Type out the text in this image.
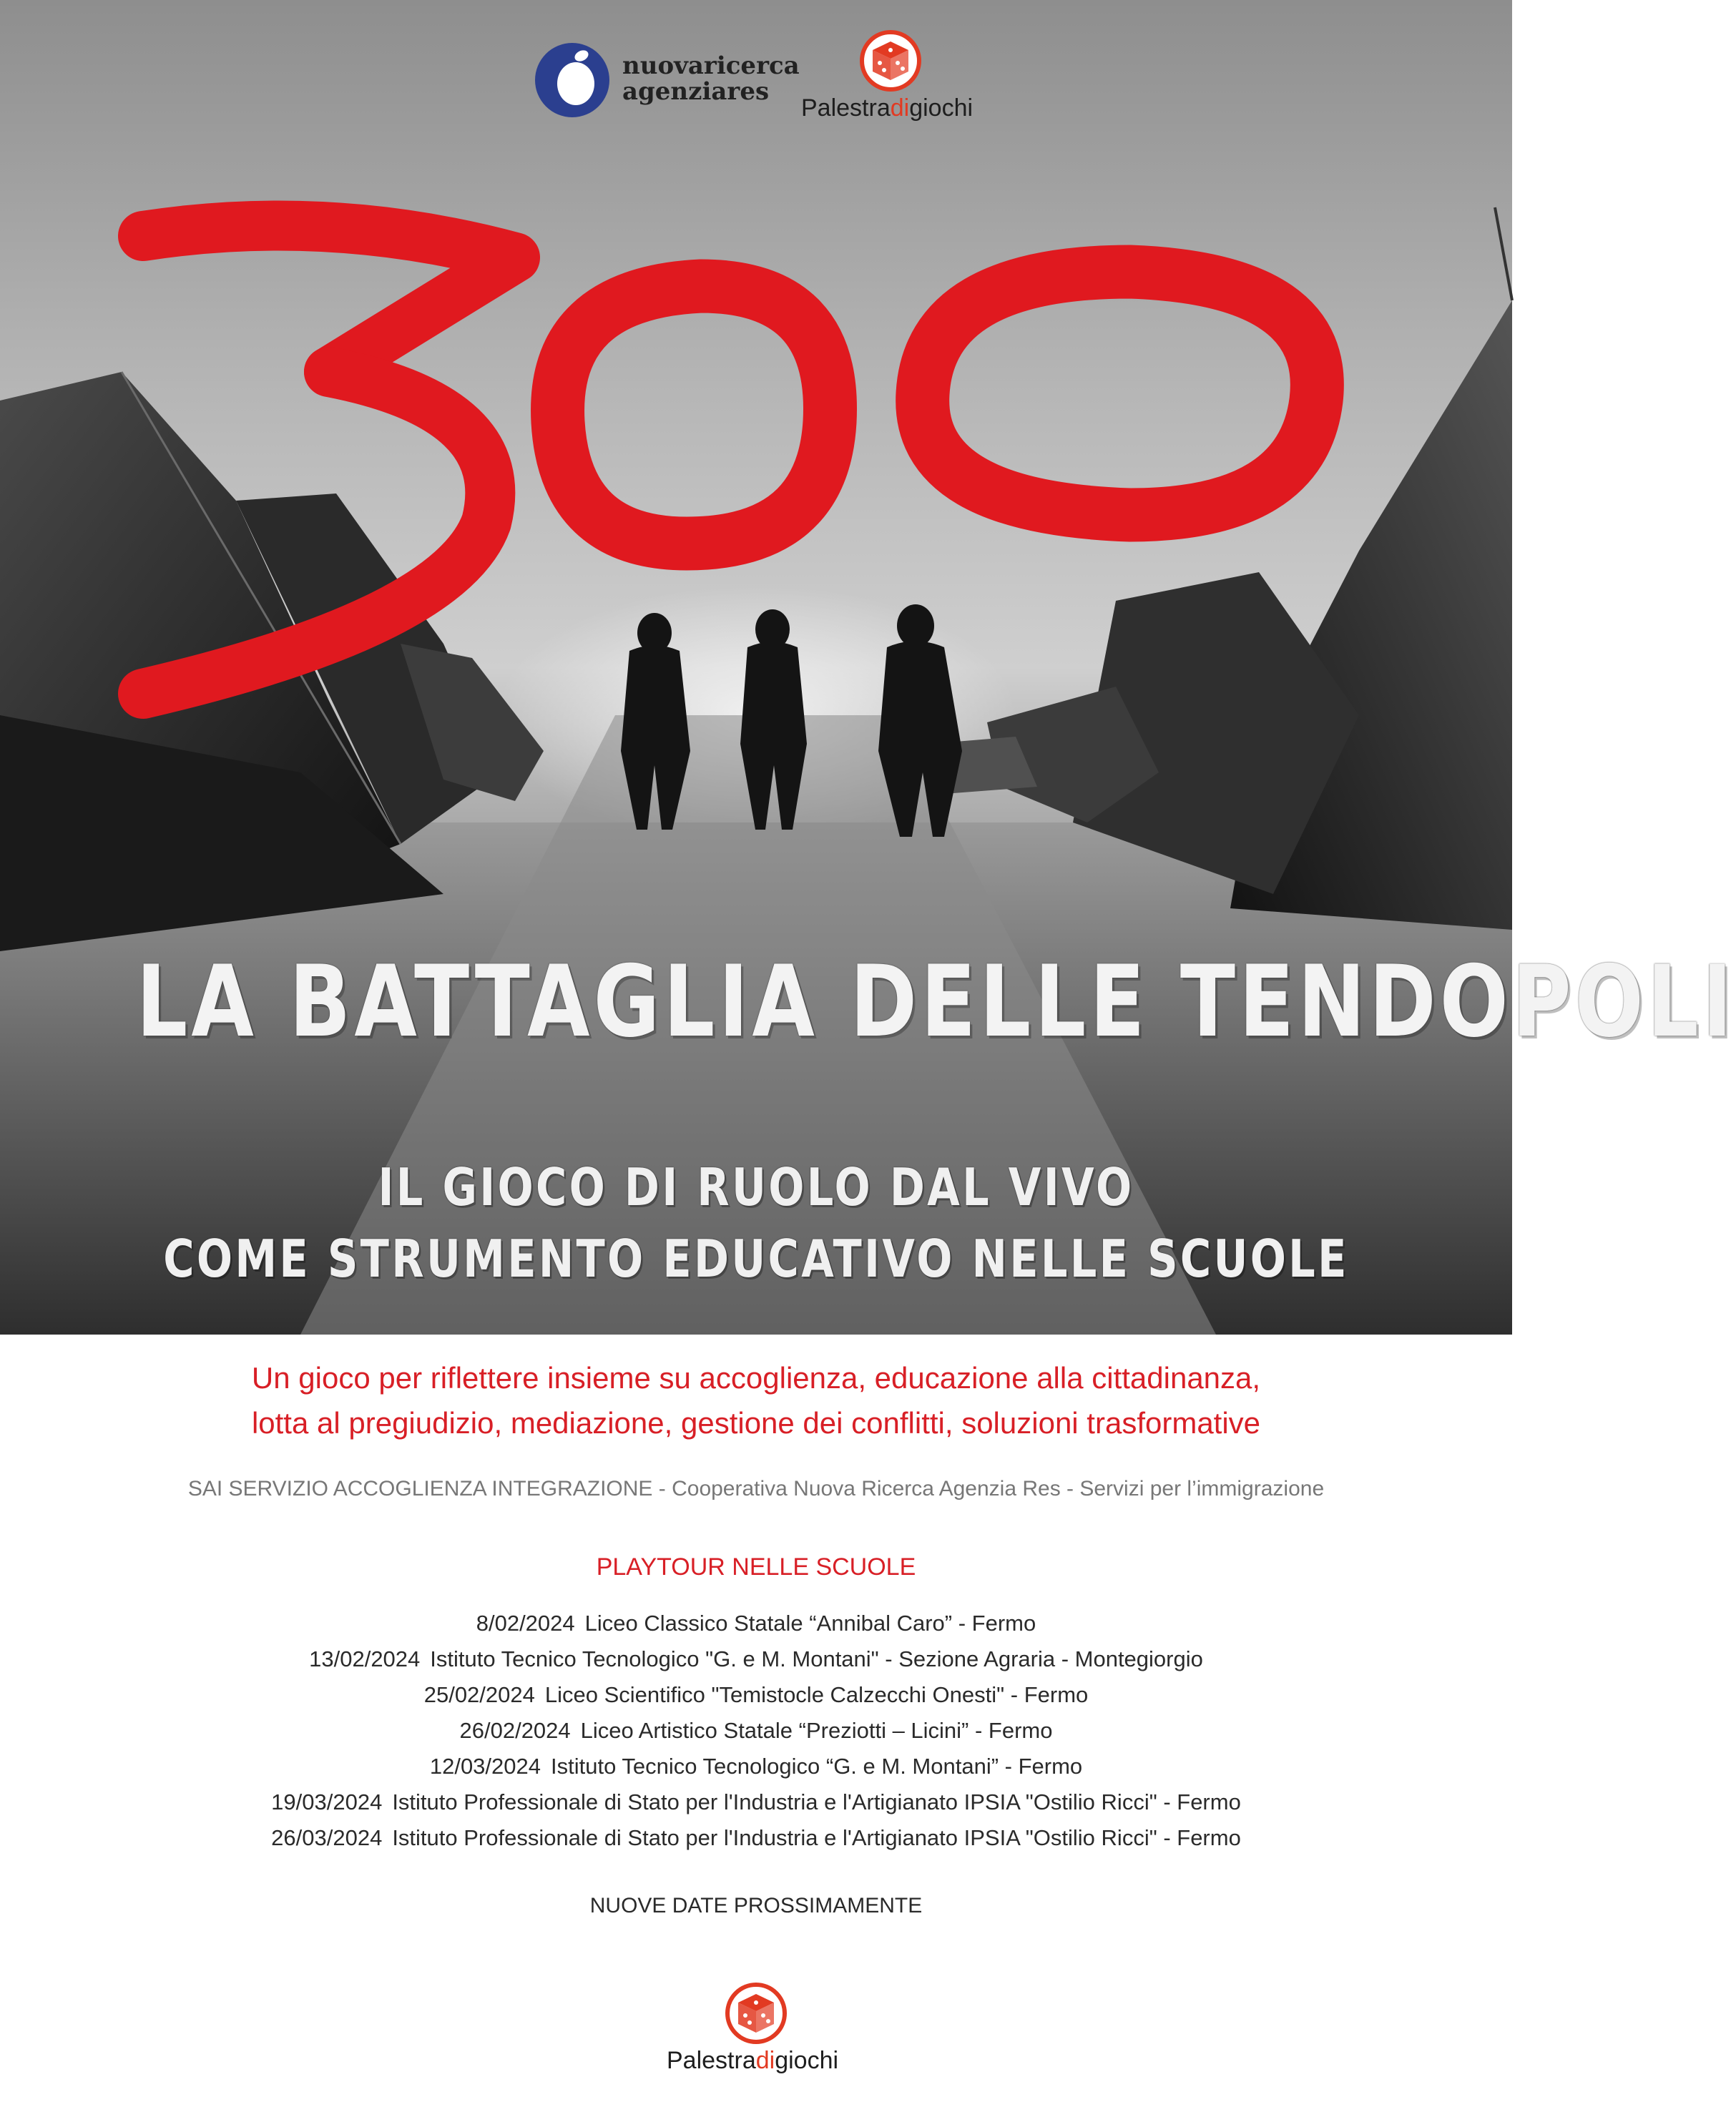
nuovaricerca
agenziares
Palestradigiochi
300
LA BATTAGLIA DELLE TENDOPOLI
IL GIOCO DI RUOLO DAL VIVO
COME STRUMENTO EDUCATIVO NELLE SCUOLE
Un gioco per riflettere insieme su accoglienza, educazione alla cittadinanza,
lotta al pregiudizio, mediazione, gestione dei conflitti, soluzioni trasformative
SAI SERVIZIO ACCOGLIENZA INTEGRAZIONE - Cooperativa Nuova Ricerca Agenzia Res - Servizi per l’immigrazione
PLAYTOUR NELLE SCUOLE
8/02/2024 Liceo Classico Statale “Annibal Caro” - Fermo
13/02/2024 Istituto Tecnico Tecnologico "G. e M. Montani" - Sezione Agraria - Montegiorgio
25/02/2024 Liceo Scientifico "Temistocle Calzecchi Onesti" - Fermo
26/02/2024 Liceo Artistico Statale “Preziotti – Licini” - Fermo
12/03/2024 Istituto Tecnico Tecnologico “G. e M. Montani” - Fermo
19/03/2024 Istituto Professionale di Stato per l'Industria e l'Artigianato IPSIA "Ostilio Ricci" - Fermo
26/03/2024 Istituto Professionale di Stato per l'Industria e l'Artigianato IPSIA "Ostilio Ricci" - Fermo
NUOVE DATE PROSSIMAMENTE
Palestradigiochi
